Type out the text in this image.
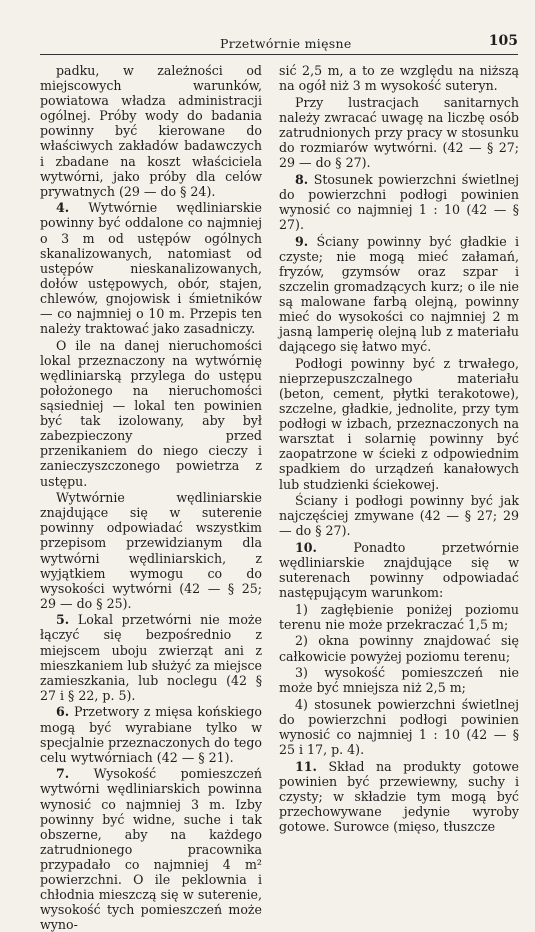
Przetwórnie mięsne	105

padku, w zależności od miejscowych warunków, powiatowa władza administracji ogólnej. Próby wody do badania powinny być kierowane do właściwych zakładów badawczych i zbadane na koszt właściciela wytwórni, jako próby dla celów prywatnych (29 — do § 24).

4. Wytwórnie wędliniarskie powinny być oddalone co najmniej o 3 m od ustępów ogólnych skanalizowanych, natomiast od ustępów nieskanalizowanych, dołów ustępowych, obór, stajen, chlewów, gnojowisk i śmietników — co najmniej o 10 m. Przepis ten należy traktować jako zasadniczy.

O ile na danej nieruchomości lokal przeznaczony na wytwórnię wędliniarską przylega do ustępu położonego na nieruchomości sąsiedniej — lokal ten powinien być tak izolowany, aby był zabezpieczony przed przenikaniem do niego cieczy i zanieczyszczonego powietrza z ustępu.

Wytwórnie wędliniarskie znajdujące się w suterenie powinny odpowiadać wszystkim przepisom przewidzianym dla wytwórni wędliniarskich, z wyjątkiem wymogu co do wysokości wytwórni (42 — § 25; 29 — do § 25).

5. Lokal przetwórni nie może łączyć się bezpośrednio z miejscem uboju zwierząt ani z mieszkaniem lub służyć za miejsce zamieszkania, lub noclegu (42 § 27 i § 22, p. 5).

6. Przetwory z mięsa końskiego mogą być wyrabiane tylko w specjalnie przeznaczonych do tego celu wytwórniach (42 — § 21).

7. Wysokość pomieszczeń wytwórni wędliniarskich powinna wynosić co najmniej 3 m. Izby powinny być widne, suche i tak obszerne, aby na każdego zatrudnionego pracownika przypadało co najmniej 4 m² powierzchni. O ile peklownia i chłodnia mieszczą się w suterenie, wysokość tych pomieszczeń może wyno-

sić 2,5 m, a to ze względu na niższą na ogół niż 3 m wysokość suteryn.

Przy lustracjach sanitarnych należy zwracać uwagę na liczbę osób zatrudnionych przy pracy w stosunku do rozmiarów wytwórni. (42 — § 27; 29 — do § 27).

8. Stosunek powierzchni świetlnej do powierzchni podłogi powinien wynosić co najmniej 1 : 10 (42 — § 27).

9. Ściany powinny być gładkie i czyste; nie mogą mieć załamań, fryzów, gzymsów oraz szpar i szczelin gromadzących kurz; o ile nie są malowane farbą olejną, powinny mieć do wysokości co najmniej 2 m jasną lamperię olejną lub z materiału dającego się łatwo myć.

Podłogi powinny być z trwałego, nieprzepuszczalnego materiału (beton, cement, płytki terakotowe), szczelne, gładkie, jednolite, przy tym podłogi w izbach, przeznaczonych na warsztat i solarnię powinny być zaopatrzone w ścieki z odpowiednim spadkiem do urządzeń kanałowych lub studzienki ściekowej.

Ściany i podłogi powinny być jak najczęściej zmywane (42 — § 27; 29 — do § 27).

10.	Ponadto przetwórnie wędliniarskie znajdujące się w suterenach powinny odpowiadać następującym warunkom:

1) zagłębienie poniżej poziomu terenu nie może przekraczać 1,5 m;

2) okna powinny znajdować się całkowicie powyżej poziomu terenu;

3) wysokość pomieszczeń nie może być mniejsza niż 2,5 m;

4) stosunek powierzchni świetlnej do powierzchni podłogi powinien wynosić co najmniej 1 : 10 (42 — § 25 i 17, p. 4).

11. Skład na produkty gotowe powinien być przewiewny, suchy i czysty; w składzie tym mogą być przechowywane jedynie wyroby gotowe. Surowce (mięso, tłuszcze
